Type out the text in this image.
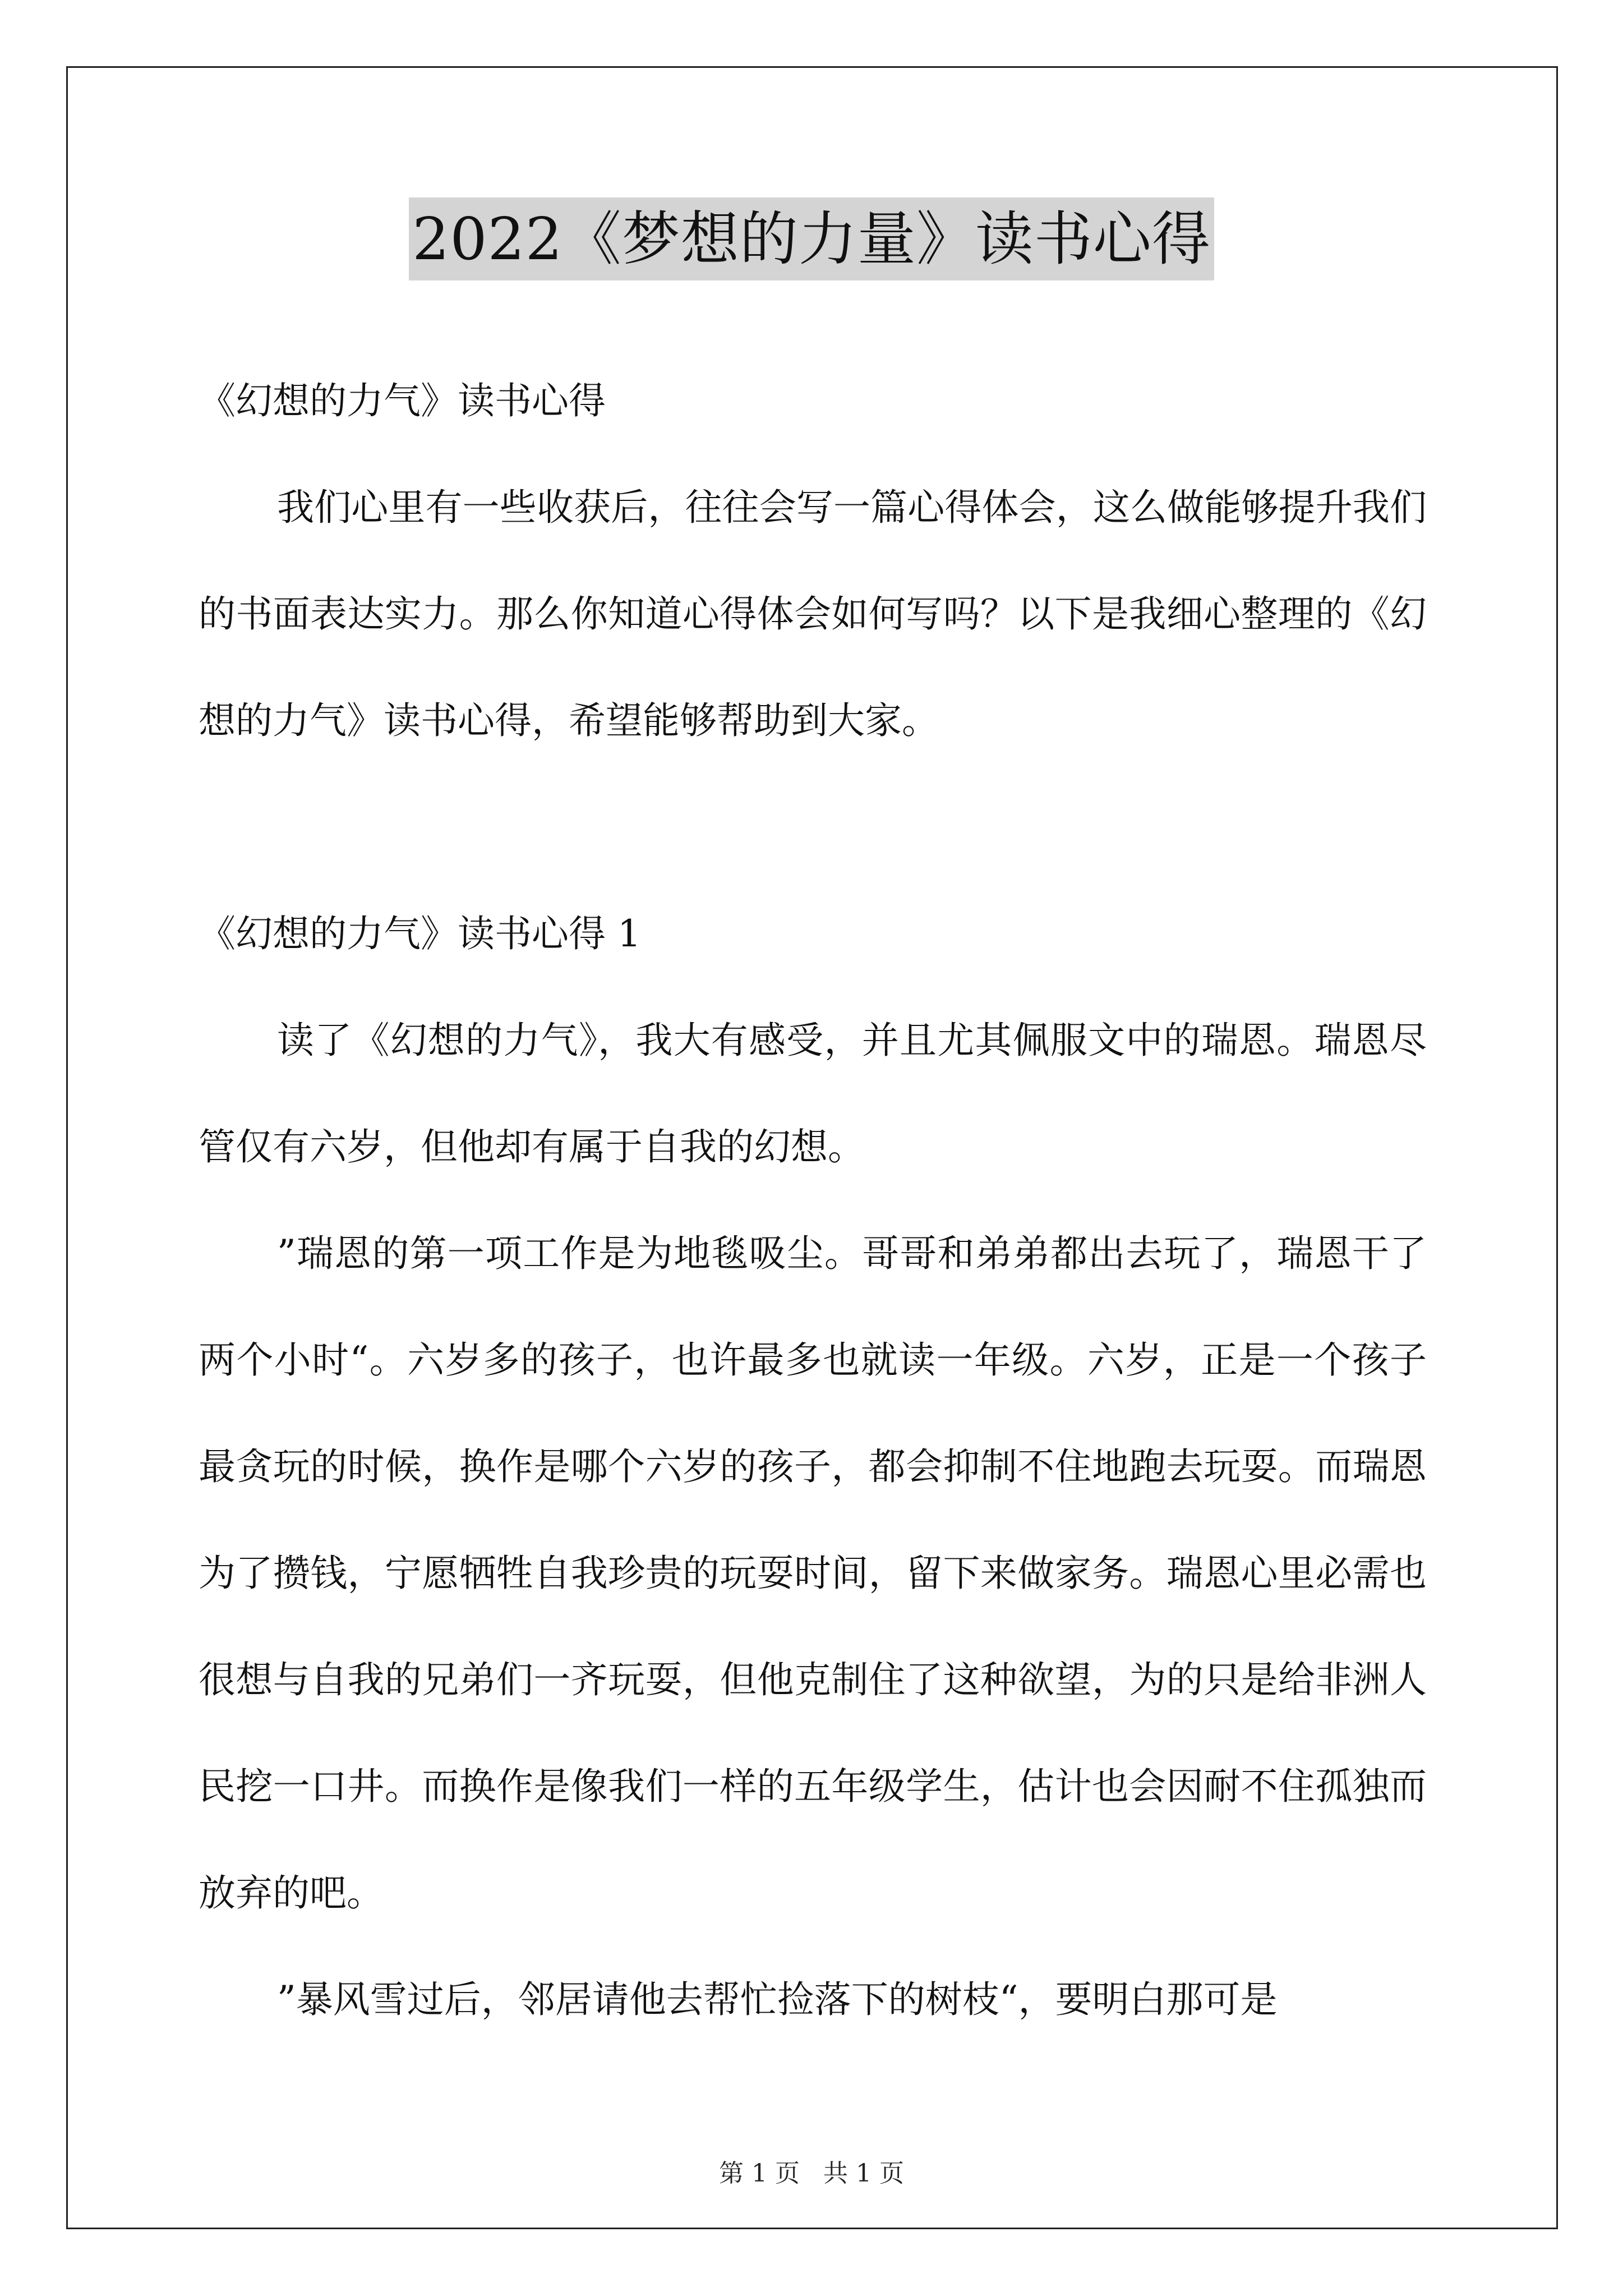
2022《梦想的力量》读书心得

《幻想的力气》读书心得

我们心里有一些收获后，往往会写一篇心得体会，这么做能够提升我们的书面表达实力。那么你知道心得体会如何写吗？以下是我细心整理的《幻想的力气》读书心得，希望能够帮助到大家。

《幻想的力气》读书心得 1

读了《幻想的力气》，我大有感受，并且尤其佩服文中的瑞恩。瑞恩尽管仅有六岁，但他却有属于自我的幻想。

”瑞恩的第一项工作是为地毯吸尘。哥哥和弟弟都出去玩了，瑞恩干了两个小时“。六岁多的孩子，也许最多也就读一年级。六岁，正是一个孩子最贪玩的时候，换作是哪个六岁的孩子，都会抑制不住地跑去玩耍。而瑞恩为了攒钱，宁愿牺牲自我珍贵的玩耍时间，留下来做家务。瑞恩心里必需也很想与自我的兄弟们一齐玩耍，但他克制住了这种欲望，为的只是给非洲人民挖一口井。而换作是像我们一样的五年级学生，估计也会因耐不住孤独而放弃的吧。

”暴风雪过后，邻居请他去帮忙捡落下的树枝“，要明白那可是

第 1 页 共 1 页
